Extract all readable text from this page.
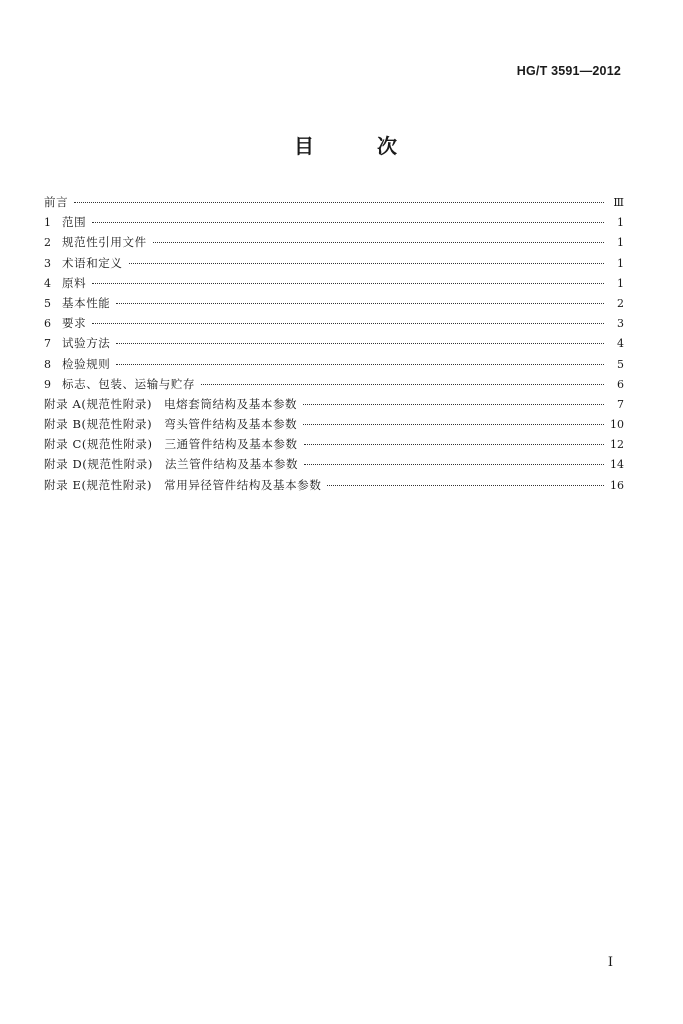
HG/T 3591—2012
目 次
前言	Ⅲ
1 范围	1
2 规范性引用文件	1
3 术语和定义	1
4 原料	1
5 基本性能	2
6 要求	3
7 试验方法	4
8 检验规则	5
9 标志、包装、运输与贮存	6
附录 A(规范性附录) 电熔套筒结构及基本参数	7
附录 B(规范性附录) 弯头管件结构及基本参数	10
附录 C(规范性附录) 三通管件结构及基本参数	12
附录 D(规范性附录) 法兰管件结构及基本参数	14
附录 E(规范性附录) 常用异径管件结构及基本参数	16
I
